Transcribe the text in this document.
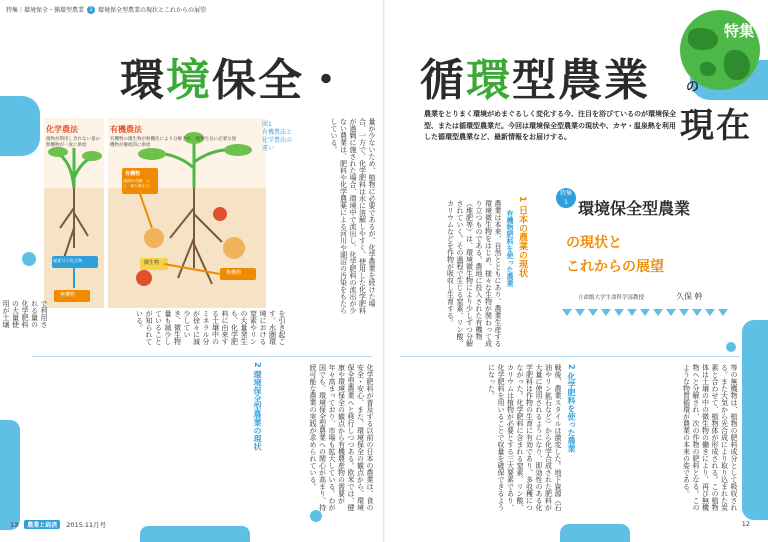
特集｜環境保全・循環型農業 1 環境保全型農業の現状とこれからの展望
特集
環境保全・ 循環型農業	の
現在
農業をとりまく環境がめまぐるしく変化する今、注目を浴びているのが環境保全型、または循環型農業だ。今回は環境保全型農業の現状や、カヤ・温泉熱を利用した循環型農業など、最新情報をお届けする。
特集
1 環境保全型農業
の現状と
これからの展望
立命館大学生命科学部教授	久保 幹
化学農法
植物が利用しきれない量の無機物が一度に供給
有機農法
有機物の微生物が無機化により分解され、植物生長に必要な無機物が継続的に供給
有機物
(動物の死骸、ふん、落ち葉など)
窒素分子化合物
無機物
無機物
微生物
図1
有機農法と化学農法の違い	量が少ないため、植物に必要であるが、化学農業を続けた場合、一方で、化学肥料は水に溶解しやすく、使用した化学肥料が過剰に施された場合、環境中で流出し、化学肥料の流出が少ない農業は、肥料や化学農薬による河川や湖沼の汚染をもたらしている。
で利用される量の化学肥料の大量使用が土壌	を引き起こす。水圏環境における窒素やリンの大量発生も、化学肥料に由来する土壌中のミネラル分が徐々に減少していき、微生物量も減少していることが知られている。
化学肥料が普及する以前の日本の農業は、食の安全・安心、また、環境保全の観点から、環境保全型農業へと移行しつつある。欧米では、健康や環境保全の観点から有機農産物の需要が年々高まっており、市場も拡大している。わが国でも、環境保全型農業への関心が高まり、持続可能な農業の実践が求められている。
2 環境保全型農業の現状
1 日本の農業の現状
有機物肥料を使った農業
農業は本来、自然とともにあり、農業生産する環境微生物をはじめ、様々な生物が関わって成り立つものである。農地に投入された有機物（堆肥等）は、環境微生物により少しずつ分解されていく。その過程で生じる窒素、リン酸、カリウムなどを作物が吸収し生育する。
2 化学肥料を使った農業
戦後、農業スタイルは激変した。地下資源（石油やリン鉱石など）から化学合成された肥料が大量に使用されるようになり、即効性のある化学肥料は作物の生育に有効であり、多収穫につながった。化学肥料に含まれる窒素、リン酸、カリウムは植物が必要とする三大要素であり、化学肥料を用いることで収量を確保できるようになった。	等の無機物は、植物の肥料成分として吸収される。また大気から光合成により取り込まれた炭素と合わせて、植物体が形成される。この植物体は土壌の中の微生物の働きにより、再び無機物へと分解され、次の作物の肥料となる。このような物質循環が農業の本来の姿である。
13	農業と経済	2015.11月号	12
